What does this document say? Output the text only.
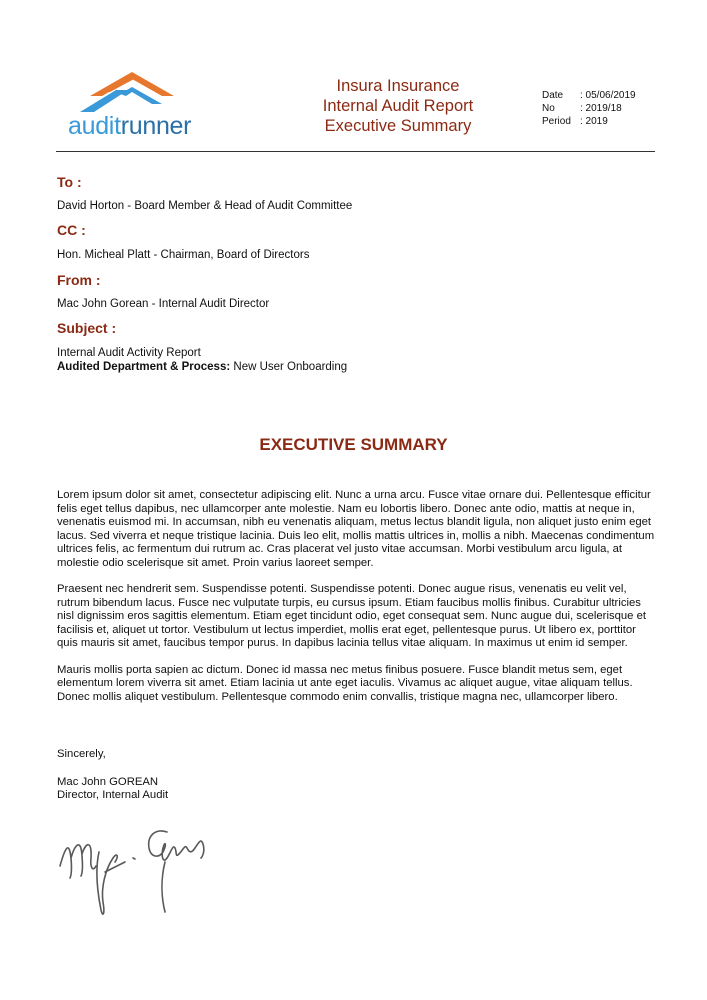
auditrunner
Insura Insurance
Internal Audit Report
Executive Summary
Date	: 05/06/2019
No	: 2019/18
Period : 2019
To :
David Horton - Board Member & Head of Audit Committee
CC :
Hon. Micheal Platt - Chairman, Board of Directors
From :
Mac John Gorean - Internal Audit Director
Subject :
Internal Audit Activity Report
Audited Department & Process: New User Onboarding
EXECUTIVE SUMMARY

Lorem ipsum dolor sit amet, consectetur adipiscing elit. Nunc a urna arcu. Fusce vitae ornare dui. Pellentesque efficitur felis eget tellus dapibus, nec ullamcorper ante molestie. Nam eu lobortis libero. Donec ante odio, mattis at neque in, venenatis euismod mi. In accumsan, nibh eu venenatis aliquam, metus lectus blandit ligula, non aliquet justo enim eget lacus. Sed viverra et neque tristique lacinia. Duis leo elit, mollis mattis ultrices in, mollis a nibh. Maecenas condimentum ultrices felis, ac fermentum dui rutrum ac. Cras placerat vel justo vitae accumsan. Morbi vestibulum arcu ligula, at molestie odio scelerisque sit amet. Proin varius laoreet semper.

Praesent nec hendrerit sem. Suspendisse potenti. Suspendisse potenti. Donec augue risus, venenatis eu velit vel, rutrum bibendum lacus. Fusce nec vulputate turpis, eu cursus ipsum. Etiam faucibus mollis finibus. Curabitur ultricies nisl dignissim eros sagittis elementum. Etiam eget tincidunt odio, eget consequat sem. Nunc augue dui, scelerisque et facilisis et, aliquet ut tortor. Vestibulum ut lectus imperdiet, mollis erat eget, pellentesque purus. Ut libero ex, porttitor quis mauris sit amet, faucibus tempor purus. In dapibus lacinia tellus vitae aliquam. In maximus ut enim id semper.

Mauris mollis porta sapien ac dictum. Donec id massa nec metus finibus posuere. Fusce blandit metus sem, eget elementum lorem viverra sit amet. Etiam lacinia ut ante eget iaculis. Vivamus ac aliquet augue, vitae aliquam tellus. Donec mollis aliquet vestibulum. Pellentesque commodo enim convallis, tristique magna nec, ullamcorper libero.

Sincerely,
Mac John GOREAN
Director, Internal Audit
